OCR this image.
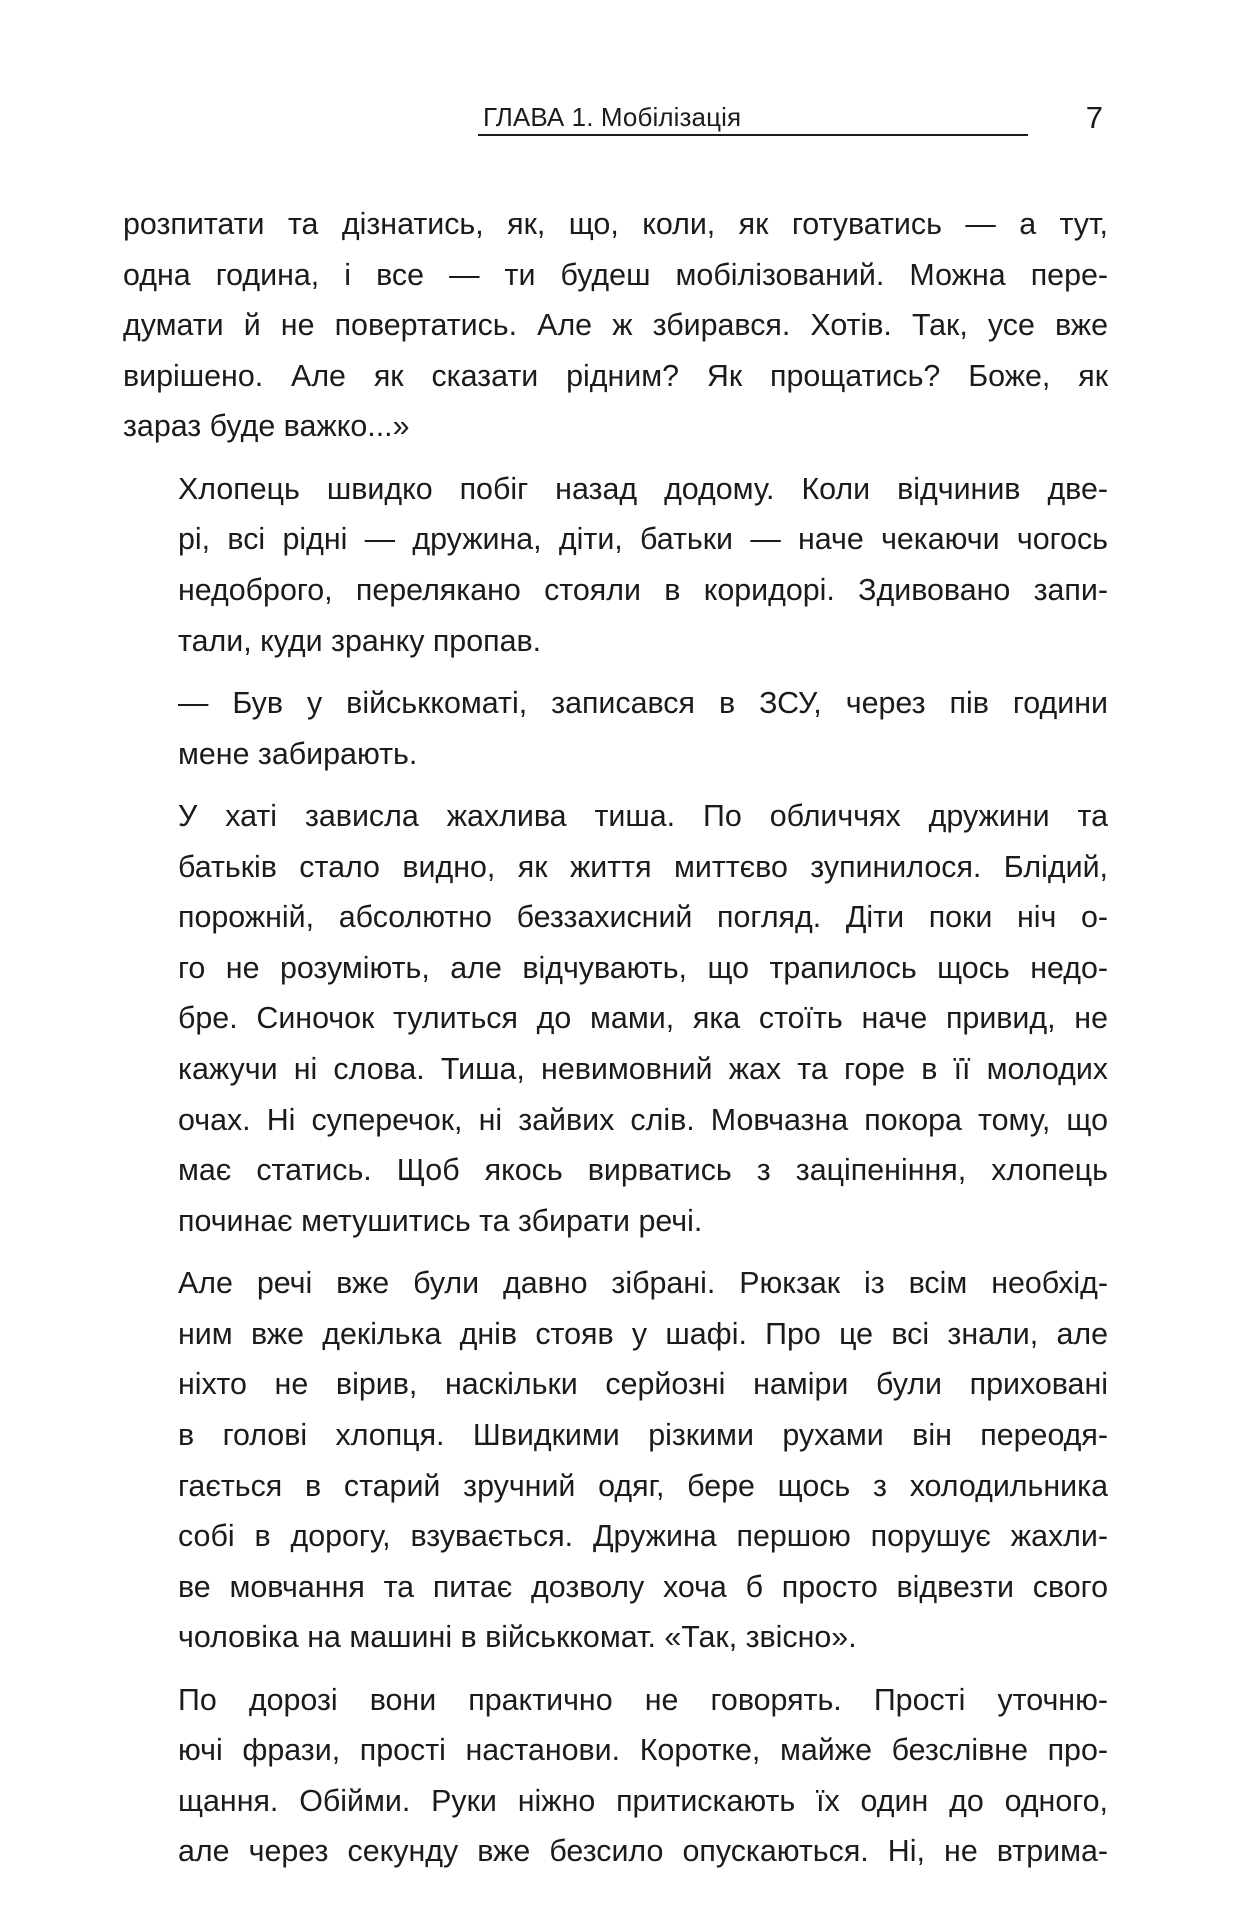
ГЛАВА 1. Мобілізація	7

розпитати та дізнатись, як, що, коли, як готуватись — а тут,
одна година, і все — ти будеш мобілізований. Можна пере-
думати й не повертатись. Але ж збирався. Хотів. Так, усе вже
вирішено. Але як сказати рідним? Як прощатись? Боже, як
зараз буде важко...»

Хлопець швидко побіг назад додому. Коли відчинив две-
рі, всі рідні — дружина, діти, батьки — наче чекаючи чогось
недоброго, перелякано стояли в коридорі. Здивовано запи-
тали, куди зранку пропав.

— Був у військкоматі, записався в ЗСУ, через пів години
мене забирають.

У хаті зависла жахлива тиша. По обличчях дружини та
батьків стало видно, як життя миттєво зупинилося. Блідий,
порожній, абсолютно беззахисний погляд. Діти поки ніч о-
го не розуміють, але відчувають, що трапилось щось недо-
бре. Синочок тулиться до мами, яка стоїть наче привид, не
кажучи ні слова. Тиша, невимовний жах та горе в її молодих
очах. Ні суперечок, ні зайвих слів. Мовчазна покора тому, що
має статись. Щоб якось вирватись з заціпеніння, хлопець
починає метушитись та збирати речі.

Але речі вже були давно зібрані. Рюкзак із всім необхід-
ним вже декілька днів стояв у шафі. Про це всі знали, але
ніхто не вірив, наскільки серйозні наміри були приховані
в голові хлопця. Швидкими різкими рухами він переодя-
гається в старий зручний одяг, бере щось з холодильника
собі в дорогу, взувається. Дружина першою порушує жахли-
ве мовчання та питає дозволу хоча б просто відвезти свого
чоловіка на машині в військкомат. «Так, звісно».

По дорозі вони практично не говорять. Прості уточню-
ючі фрази, прості настанови. Коротке, майже безслівне про-
щання. Обійми. Руки ніжно притискають їх один до одного,
але через секунду вже безсило опускаються. Ні, не втрима-
